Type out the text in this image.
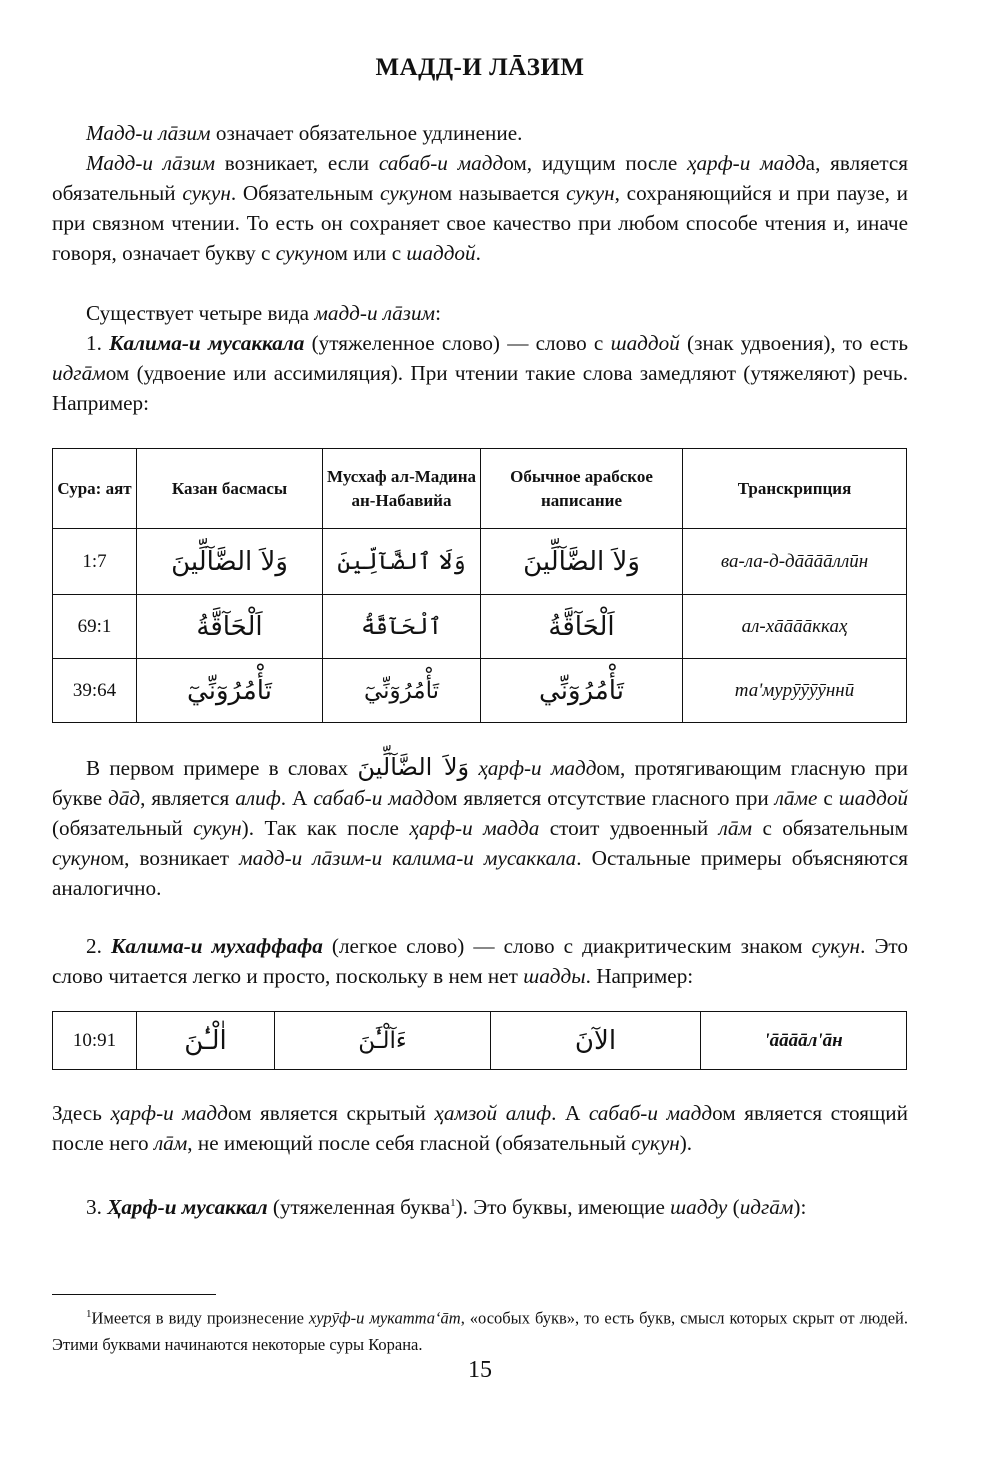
МАДД-И ЛĀЗИМ

Мадд-и лāзим означает обязательное удлинение.

Мадд-и лāзим возникает, если сабаб-и маддом, идущим после ҳарф-и мадда, является обязательный сукун. Обязательным сукуном называется сукун, сохраняющийся и при паузе, и при связном чтении. То есть он сохраняет свое качество при любом способе чтения и, иначе говоря, означает букву с сукуном или с шаддой.

Существует четыре вида мадд-и лāзим:

1. Калима-и мусаккала (утяжеленное слово) — слово с шаддой (знак удвоения), то есть идгāмом (удвоение или ассимиляция). При чтении такие слова замедляют (утяжеляют) речь. Например:

Сура: аят	Казан басмасы	Мусхаф ал-Мадина ан-Набавийа	Обычное арабское написание	Транскрипция
1:7	وَلاَ الضَّآلِّينَ	وَلَا ٱلضَّآلِّينَ	وَلاَ الضَّآلِّينَ	ва-ла-д-дāāāāллӣн
69:1	اَلْحَآقَّةُ	ٱلْحَآقَّةُ	اَلْحَآقَّةُ	ал-хāāāāккаҳ
39:64	تَأْمُرُوٓنِّيٓ	تَأْمُرُوٓنِّيٓ	تَأْمُرُوٓنِّي	та'мурӯӯӯӯннӣ

В первом примере в словах وَلاَ الضَّآلِّينَ ҳарф-и маддом, протягивающим гласную при букве дāд, является алиф. А сабаб-и маддом является отсутствие гласного при лāме с шаддой (обязательный сукун). Так как после ҳарф-и мадда стоит удвоенный лāм с обязательным сукуном, возникает мадд-и лāзим-и калима-и мусаккала. Остальные примеры объясняются аналогично.

2. Калима-и мухаффафа (легкое слово) — слово с диакритическим знаком сукун. Это слово читается легко и просто, поскольку в нем нет шадды. Например:

10:91	اٰلْـٰٔنَ	ءَآلْـَٰٔنَ	الآنَ	'āāāāл'āн

Здесь ҳарф-и маддом является скрытый ҳамзой алиф. А сабаб-и маддом является стоящий после него лāм, не имеющий после себя гласной (обязательный сукун).

3. Ҳарф-и мусаккал (утяжеленная буква$^1$). Это буквы, имеющие шадду (идгāм):

$^1$Имеется в виду произнесение хурӯф-и мукаттаʻāт, «особых букв», то есть букв, смысл которых скрыт от людей. Этими буквами начинаются некоторые суры Корана.

15
